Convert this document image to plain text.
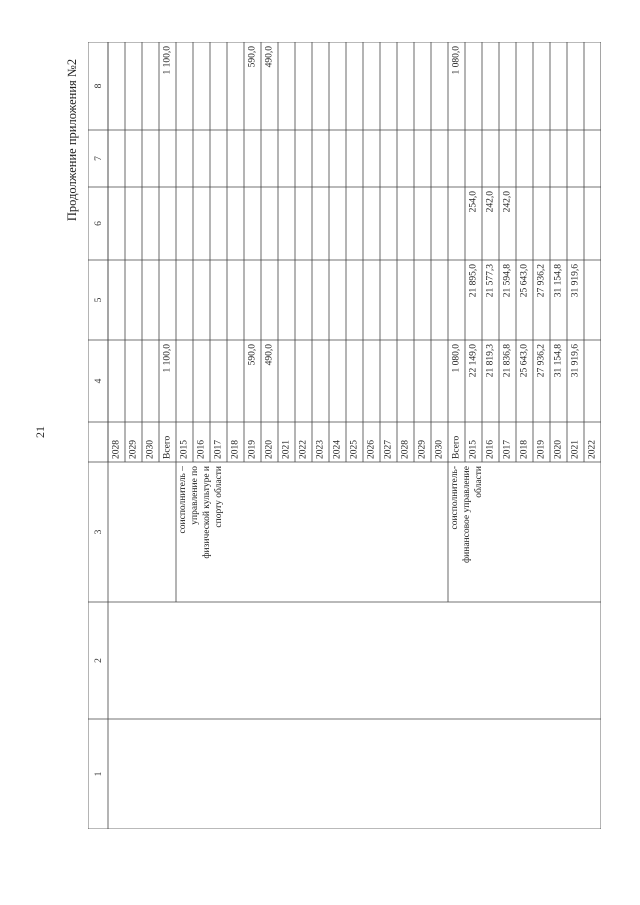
21
Продолжение приложения №2	8
7
6
5
4
3
2
1
2028 2029 2030 Всего 2015 2016 2017 2018 2019 2020 2021 2022 2023 2024 2025 2026 2027 2028 2029 2030 Всего 2015 2016 2017 2018 2019 2020 2021 2022
1 100,0
1 100,0
590,0
590,0
490,0
490,0
1 080,0
1 080,0
22 149,0
21 895,0
254,0
21 819,3
21 577,3
242,0
21 836,8
21 594,8
242,0
25 643,0
25 643,0
27 936,2
27 936,2
31 154,8
31 154,8
31 919,6
31 919,6
соисполнитель – управление по физической культуре и спорту области	соисполнитель- финансовое управление области
